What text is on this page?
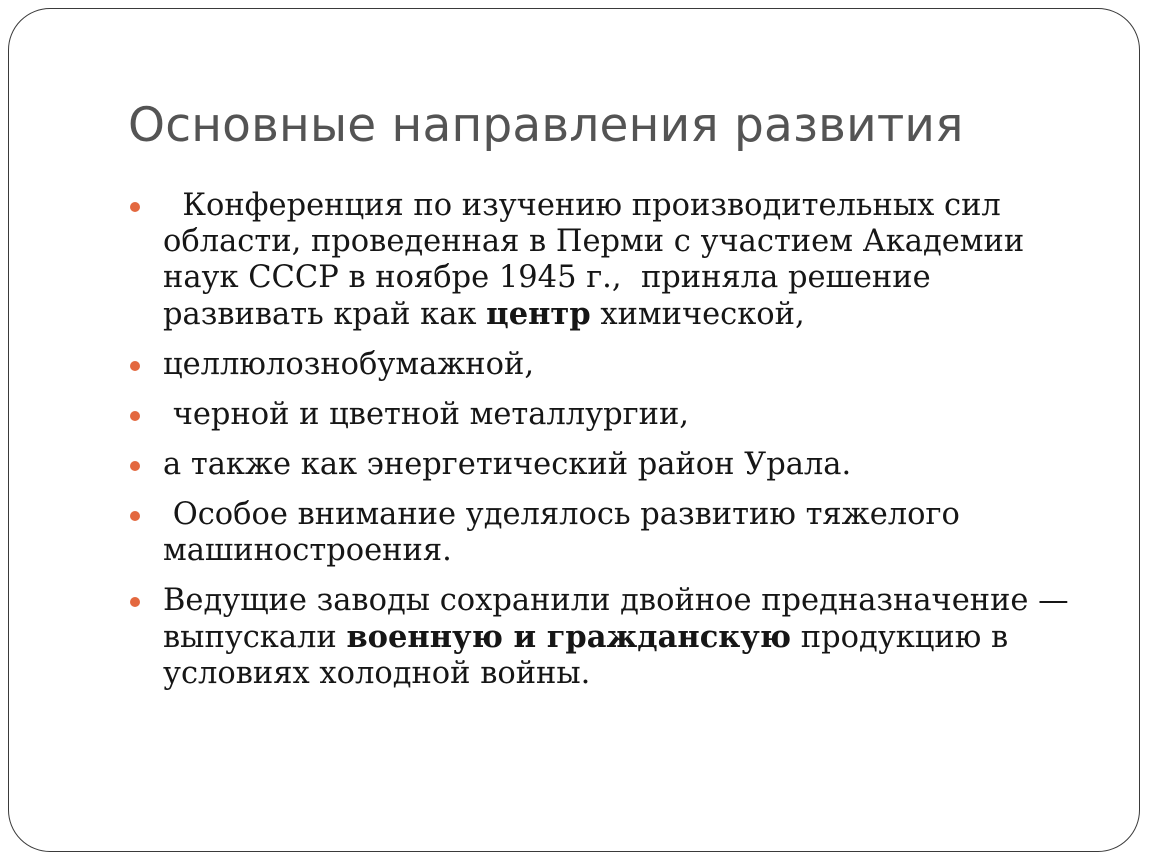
Основные направления развития
Конференция по изучению производительных сил области, проведенная в Перми с участием Академии наук СССР в ноябре 1945 г.,  приняла решение развивать край как центр химической,
целлюлознобумажной,
черной и цветной металлургии,
а также как энергетический район Урала.
Особое внимание уделялось развитию тяжелого машиностроения.
Ведущие заводы сохранили двойное предназначение — выпускали военную и гражданскую продукцию в условиях холодной войны.
